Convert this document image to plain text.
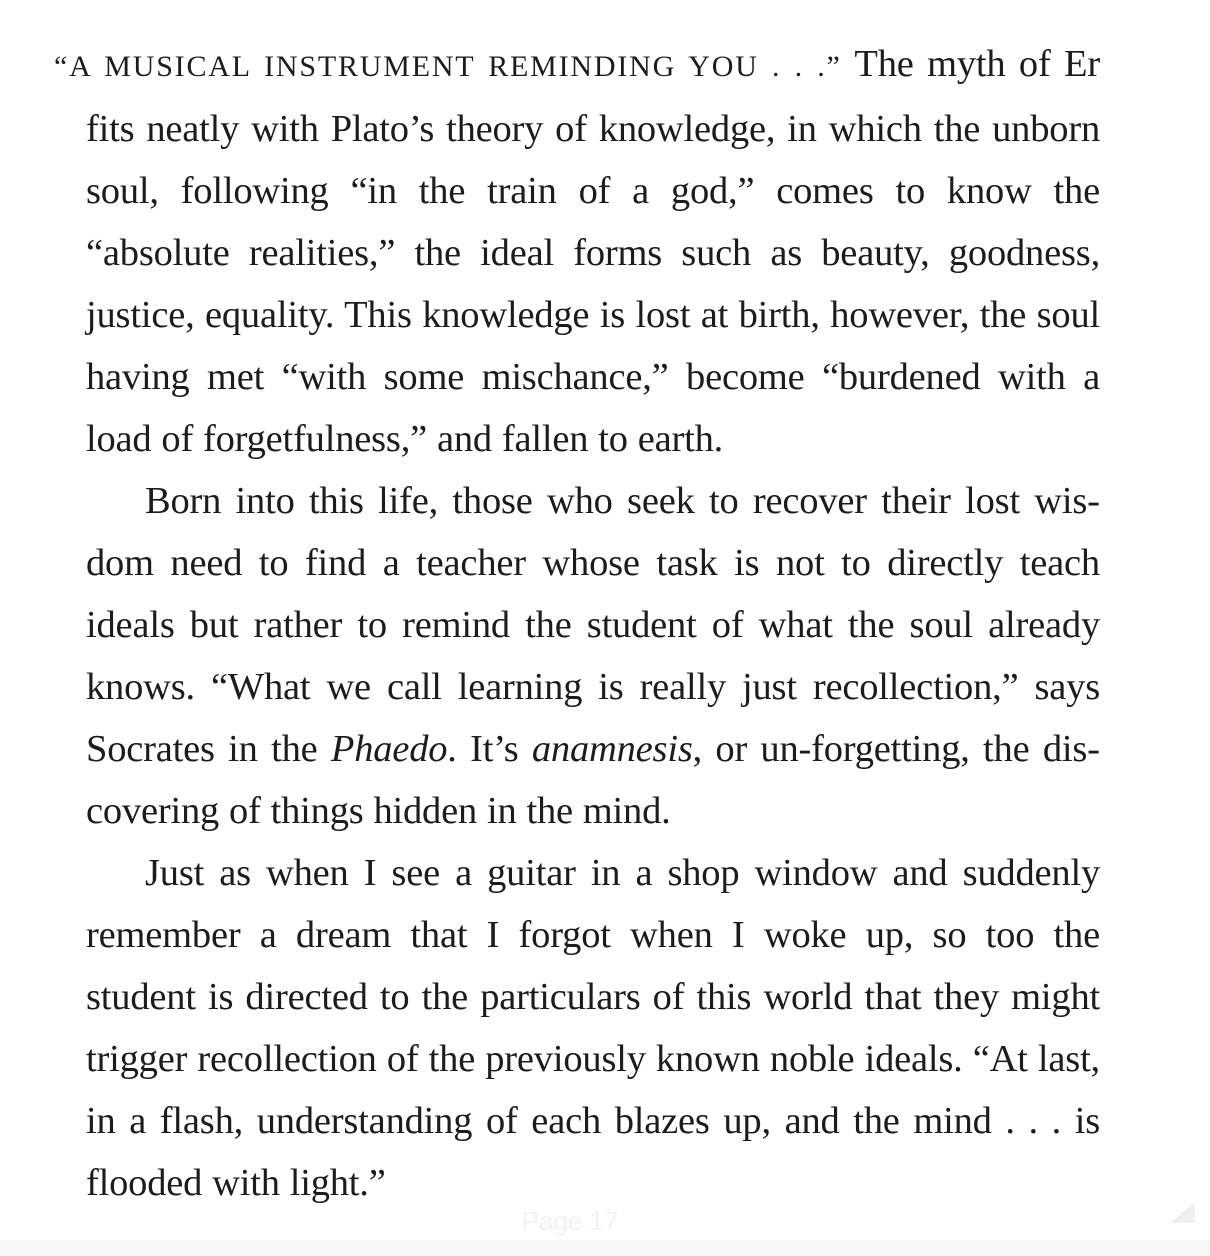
“A MUSICAL INSTRUMENT REMINDING YOU . . .” The myth of Er fits neatly with Plato’s theory of knowledge, in which the unborn soul, following “in the train of a god,” comes to know the “absolute realities,” the ideal forms such as beauty, goodness, justice, equality. This knowledge is lost at birth, however, the soul having met “with some mischance,” become “burdened with a load of forgetfulness,” and fallen to earth.

Born into this life, those who seek to recover their lost wisdom need to find a teacher whose task is not to directly teach ideals but rather to remind the student of what the soul already knows. “What we call learning is really just recollection,” says Socrates in the Phaedo. It’s anamnesis, or un-forgetting, the discovering of things hidden in the mind.

Just as when I see a guitar in a shop window and suddenly remember a dream that I forgot when I woke up, so too the student is directed to the particulars of this world that they might trigger recollection of the previously known noble ideals. “At last, in a flash, understanding of each blazes up, and the mind . . . is flooded with light.”

Page 17
